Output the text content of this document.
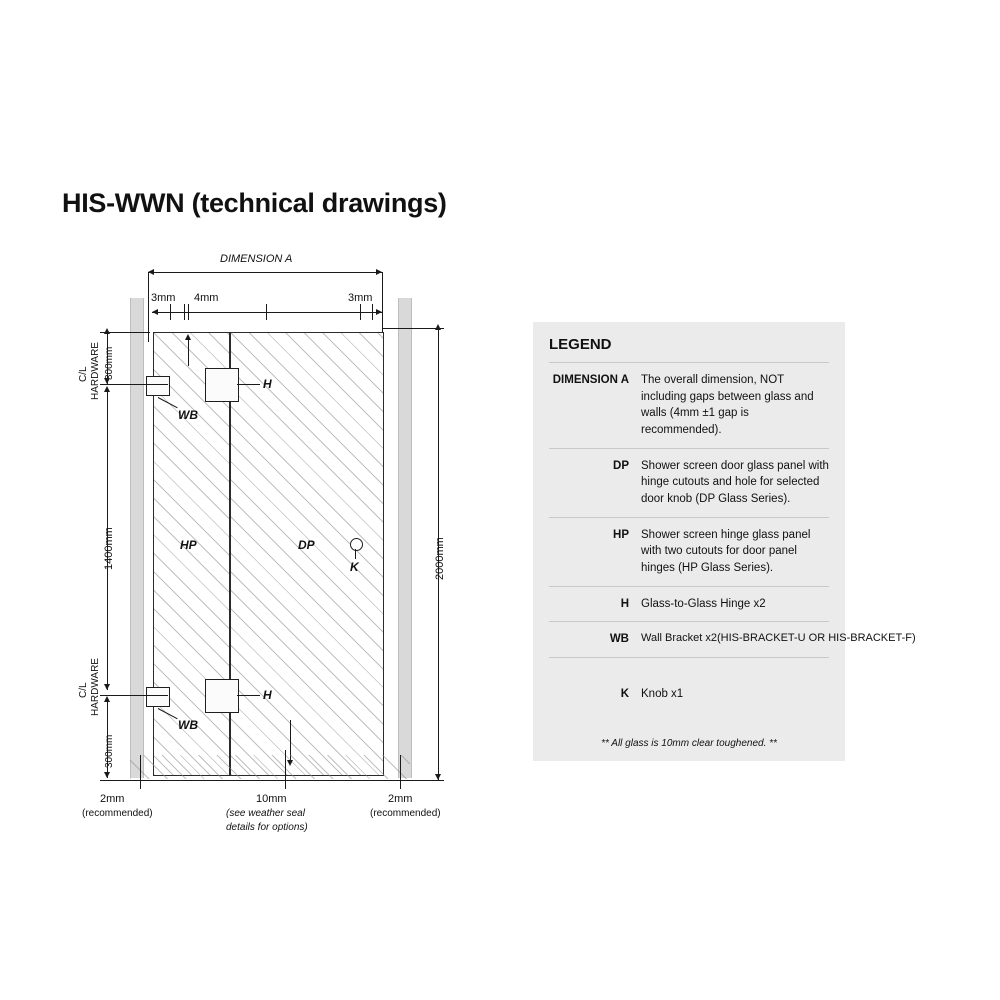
HIS-WWN (technical drawings)
DIMENSION A
3mm 4mm	3mm
HP	DP
H
WB
H
WB
K	2000mm
300mm
C/L HARDWARE
1400mm
300mm
C/L HARDWARE
2mm
(recommended)
10mm
(see weather seal
details for options)
2mm
(recommended)
LEGEND
DIMENSION A	The overall dimension, NOT including gaps between glass and walls (4mm ±1 gap is recommended).
DP	Shower screen door glass panel with hinge cutouts and hole for selected door knob (DP Glass Series).
HP	Shower screen hinge glass panel with two cutouts for door panel hinges (HP Glass Series).
H	Glass-to-Glass Hinge x2
WB	Wall Bracket x2(HIS-BRACKET-U OR HIS-BRACKET-F)
K	Knob x1
** All glass is 10mm clear toughened. **
